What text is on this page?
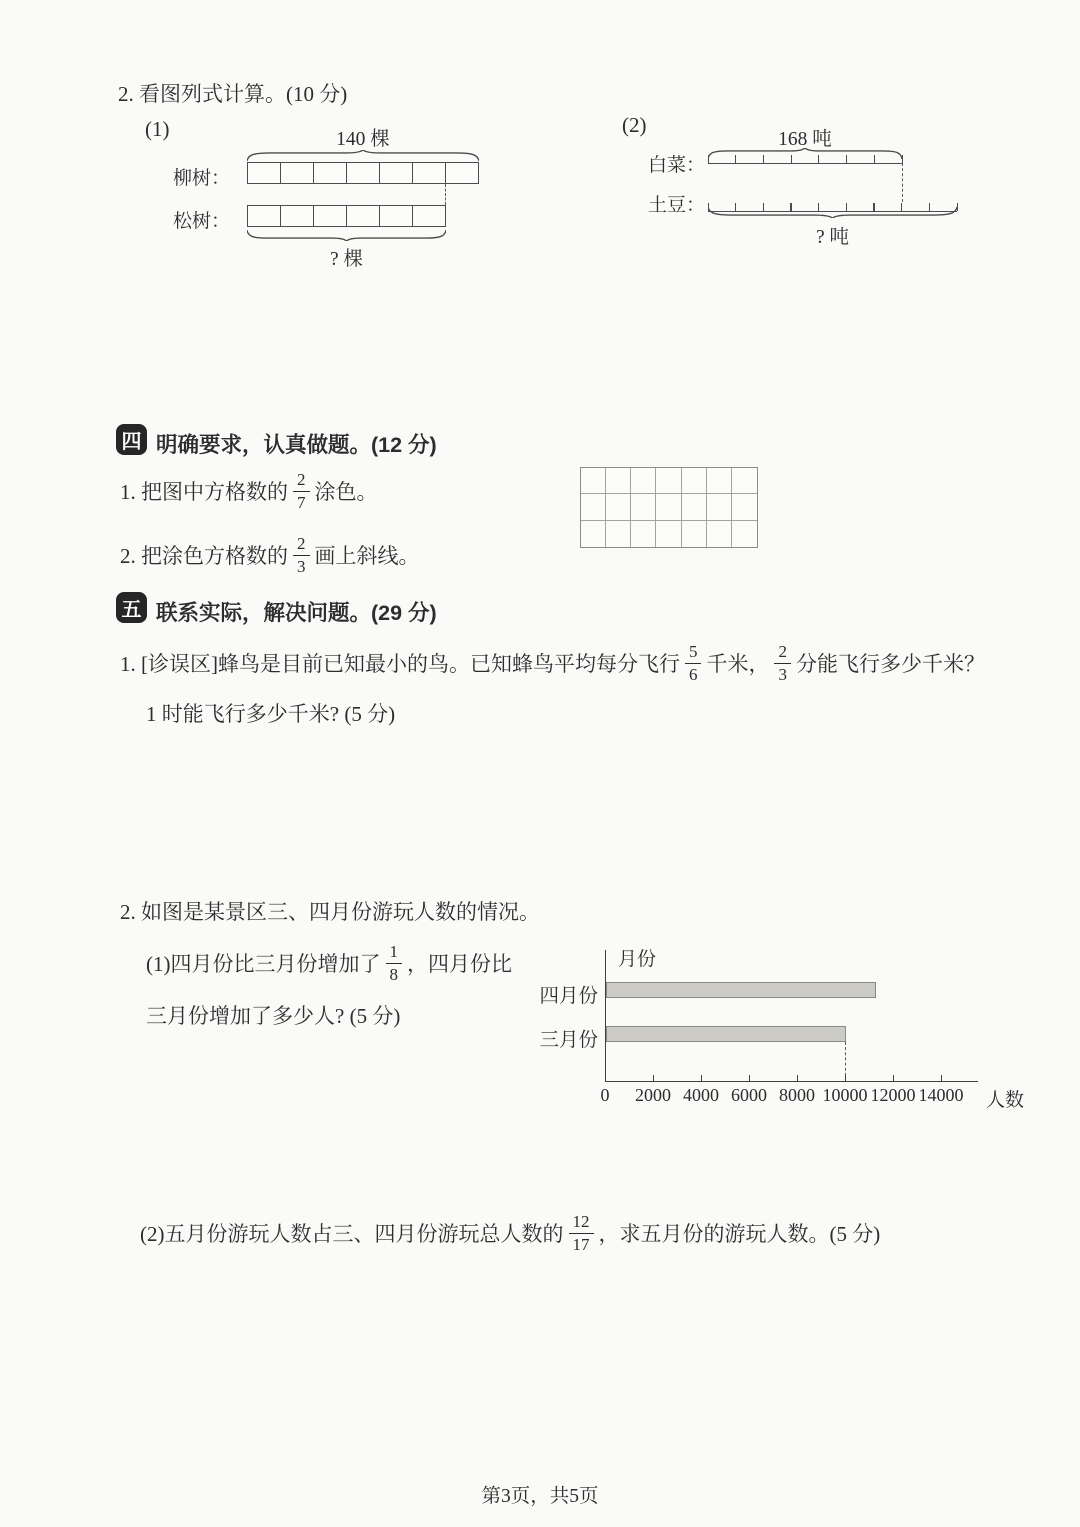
2. 看图列式计算。(10 分)
(1)	140 棵
柳树：
松树：
? 棵
(2)
168 吨
白菜：
土豆：
? 吨
四 明确要求，认真做题。(12 分)
1. 把图中方格数的 $\frac{2}{7}$ 涂色。
2. 把涂色方格数的 $\frac{2}{3}$ 画上斜线。
五 联系实际，解决问题。(29 分)
1. [诊误区]蜂鸟是目前已知最小的鸟。已知蜂鸟平均每分飞行 $\frac{5}{6}$ 千米， $\frac{2}{3}$ 分能飞行多少千米？
1 时能飞行多少千米? (5 分)
2. 如图是某景区三、四月份游玩人数的情况。
(1)四月份比三月份增加了 $\frac{1}{8}$ ，四月份比
三月份增加了多少人? (5 分)
月份
四月份
三月份
0 2000 4000 6000 8000 10000 12000 14000 人数
(2)五月份游玩人数占三、四月份游玩总人数的 $\frac{12}{17}$ ，求五月份的游玩人数。(5 分)
第3页，共5页
